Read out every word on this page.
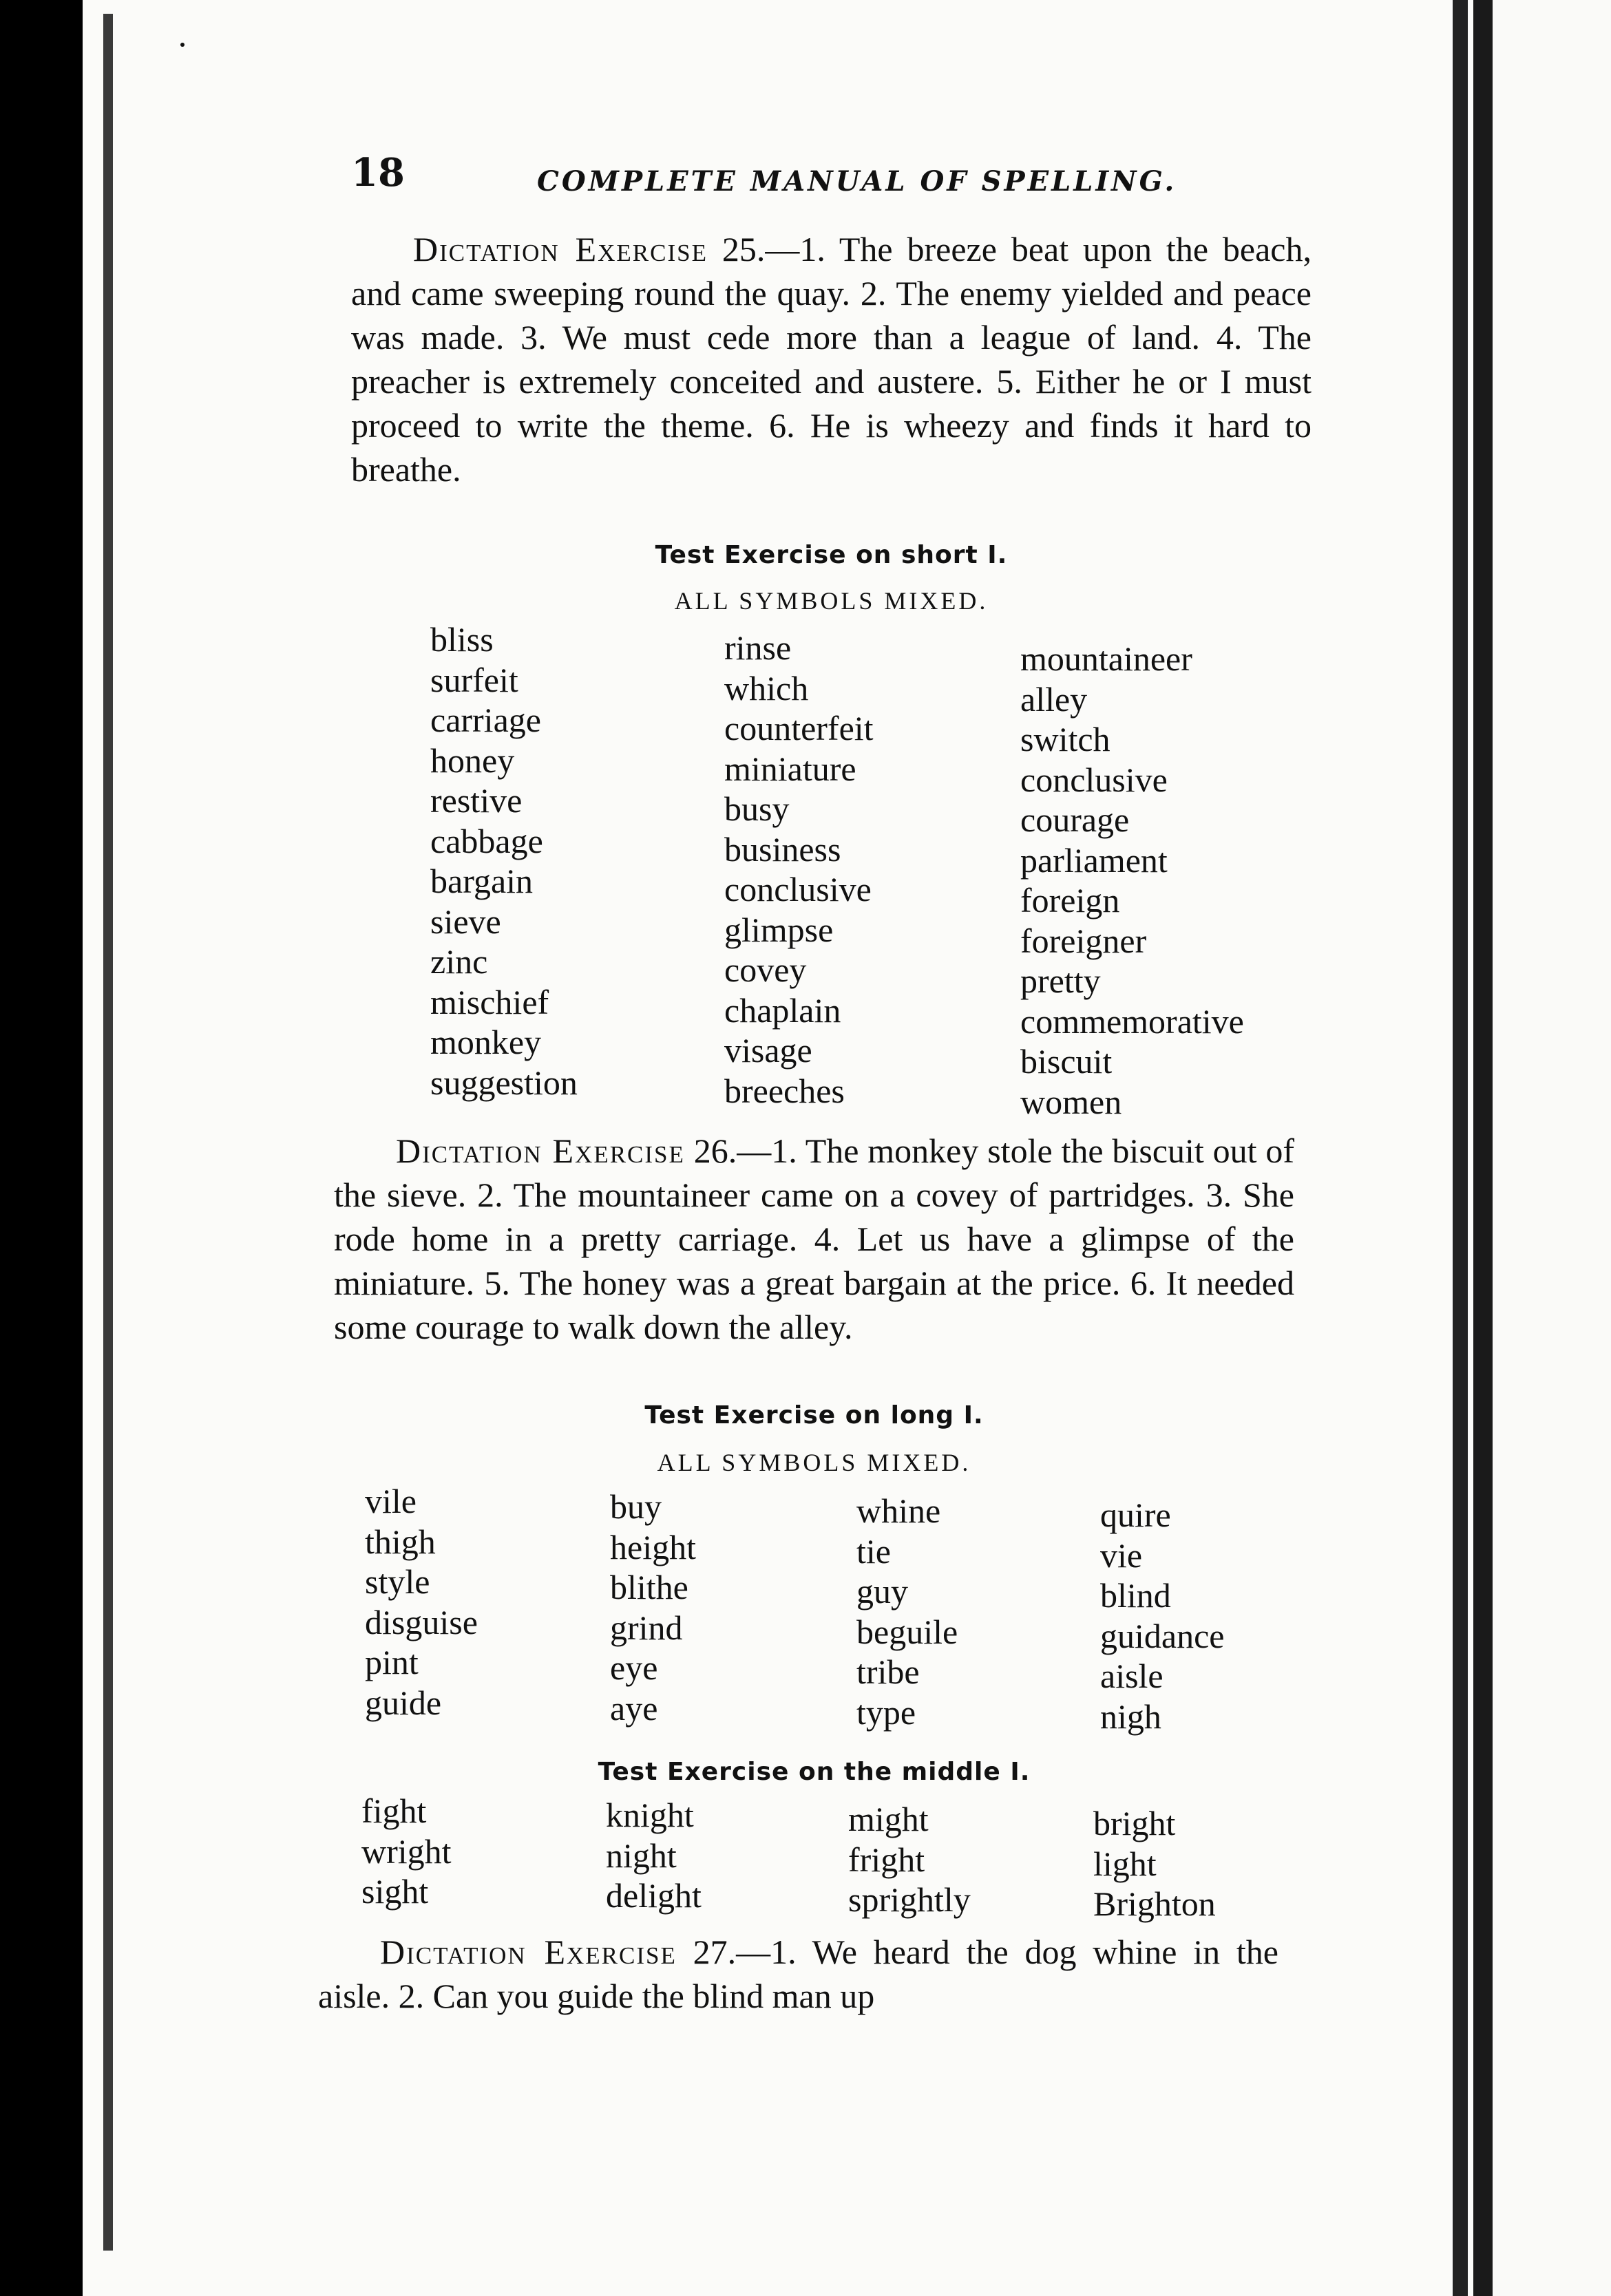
18	COMPLETE MANUAL OF SPELLING.
Dictation Exercise 25.—1. The breeze beat upon the beach, and came sweeping round the quay. 2. The enemy yielded and peace was made. 3. We must cede more than a league of land. 4. The preacher is extremely conceited and austere. 5. Either he or I must proceed to write the theme. 6. He is wheezy and finds it hard to breathe.
Test Exercise on short I.
ALL SYMBOLS MIXED.
bliss
surfeit
carriage
honey
restive
cabbage
bargain
sieve
zinc
mischief
monkey
suggestion
rinse
which
counterfeit
miniature
busy
business
conclusive
glimpse
covey
chaplain
visage
breeches
mountaineer
alley
switch
conclusive
courage
parliament
foreign
foreigner
pretty
commemorative
biscuit
women
Dictation Exercise 26.—1. The monkey stole the biscuit out of the sieve. 2. The mountaineer came on a covey of partridges. 3. She rode home in a pretty carriage. 4. Let us have a glimpse of the miniature. 5. The honey was a great bargain at the price. 6. It needed some courage to walk down the alley.
Test Exercise on long I.
ALL SYMBOLS MIXED.
vile
thigh
style
disguise
pint
guide
buy
height
blithe
grind
eye
aye
whine
tie
guy
beguile
tribe
type
quire
vie
blind
guidance
aisle
nigh
Test Exercise on the middle I.
fight
wright
sight
knight
night
delight
might
fright
sprightly
bright
light
Brighton
Dictation Exercise 27.—1. We heard the dog whine in the aisle. 2. Can you guide the blind man up
